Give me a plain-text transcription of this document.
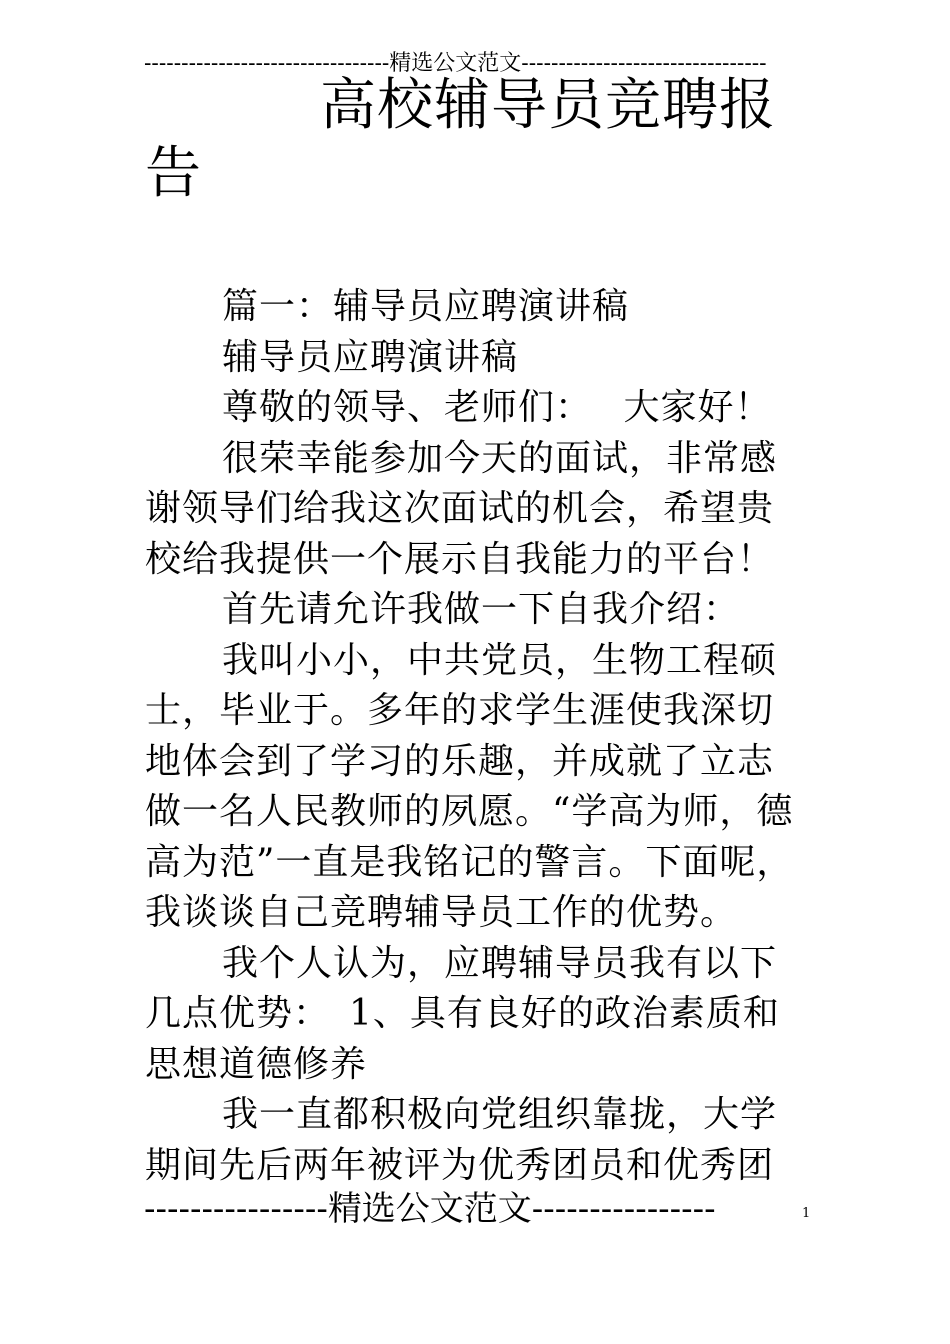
---------------------------------精选公文范文---------------------------------
高校辅导员竞聘报告

篇一：辅导员应聘演讲稿

辅导员应聘演讲稿

尊敬的领导、老师们：　 大家好！

很荣幸能参加今天的面试，非常感谢领导们给我这次面试的机会，希望贵校给我提供一个展示自我能力的平台！

首先请允许我做一下自我介绍：

我叫小小，中共党员，生物工程硕士，毕业于。多年的求学生涯使我深切地体会到了学习的乐趣，并成就了立志做一名人民教师的夙愿。“学高为师，德高为范”一直是我铭记的警言。下面呢，我谈谈自己竞聘辅导员工作的优势。

我个人认为，应聘辅导员我有以下几点优势：　1、具有良好的政治素质和思想道德修养

我一直都积极向党组织靠拢，大学期间先后两年被评为优秀团员和优秀团

----------------精选公文范文----------------	1
